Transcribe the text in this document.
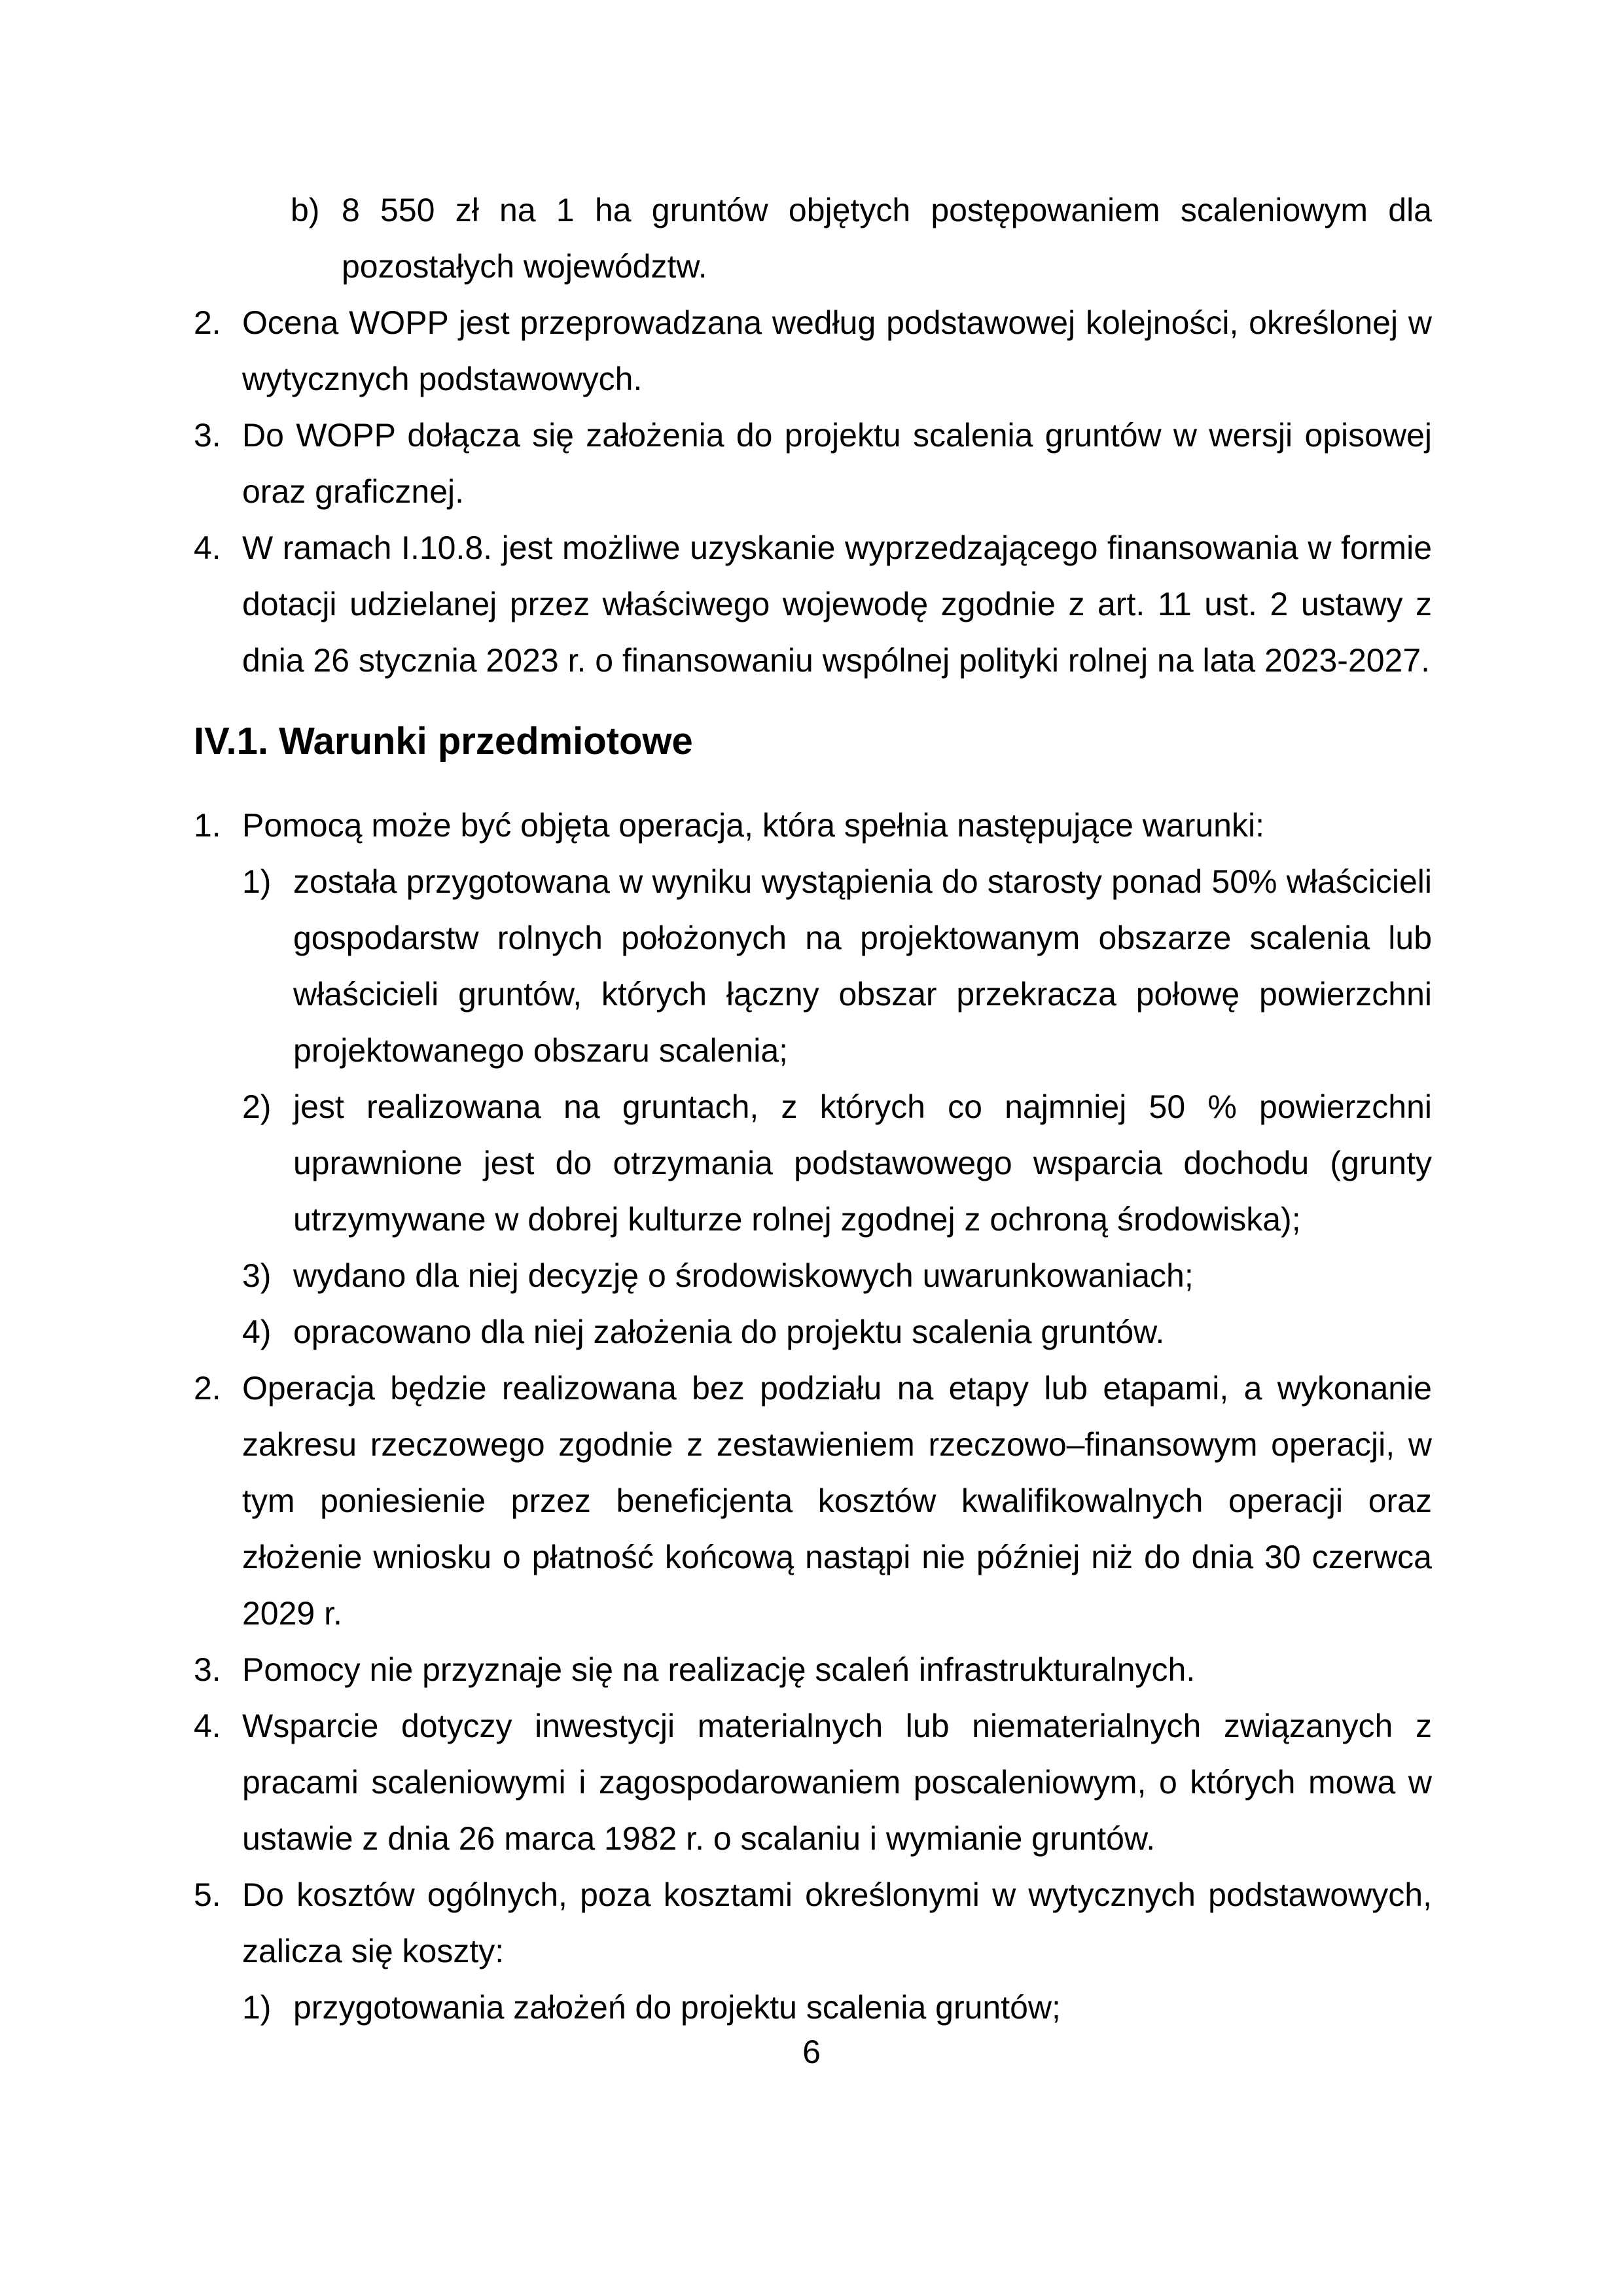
b) 8 550 zł na 1 ha gruntów objętych postępowaniem scaleniowym dla pozostałych województw.
2. Ocena WOPP jest przeprowadzana według podstawowej kolejności, określonej w wytycznych podstawowych.
3. Do WOPP dołącza się założenia do projektu scalenia gruntów w wersji opisowej oraz graficznej.
4. W ramach I.10.8. jest możliwe uzyskanie wyprzedzającego finansowania w formie dotacji udzielanej przez właściwego wojewodę zgodnie z art. 11 ust. 2 ustawy z dnia 26 stycznia 2023 r. o finansowaniu wspólnej polityki rolnej na lata 2023-2027.
IV.1. Warunki przedmiotowe
1. Pomocą może być objęta operacja, która spełnia następujące warunki:
1) została przygotowana w wyniku wystąpienia do starosty ponad 50% właścicieli gospodarstw rolnych położonych na projektowanym obszarze scalenia lub właścicieli gruntów, których łączny obszar przekracza połowę powierzchni projektowanego obszaru scalenia;
2) jest realizowana na gruntach, z których co najmniej 50 % powierzchni uprawnione jest do otrzymania podstawowego wsparcia dochodu (grunty utrzymywane w dobrej kulturze rolnej zgodnej z ochroną środowiska);
3) wydano dla niej decyzję o środowiskowych uwarunkowaniach;
4) opracowano dla niej założenia do projektu scalenia gruntów.
2. Operacja będzie realizowana bez podziału na etapy lub etapami, a wykonanie zakresu rzeczowego zgodnie z zestawieniem rzeczowo–finansowym operacji, w tym poniesienie przez beneficjenta kosztów kwalifikowalnych operacji oraz złożenie wniosku o płatność końcową nastąpi nie później niż do dnia 30 czerwca 2029 r.
3. Pomocy nie przyznaje się na realizację scaleń infrastrukturalnych.
4. Wsparcie dotyczy inwestycji materialnych lub niematerialnych związanych z pracami scaleniowymi i zagospodarowaniem poscaleniowym, o których mowa w ustawie z dnia 26 marca 1982 r. o scalaniu i wymianie gruntów.
5. Do kosztów ogólnych, poza kosztami określonymi w wytycznych podstawowych, zalicza się koszty:
1) przygotowania założeń do projektu scalenia gruntów;
6
